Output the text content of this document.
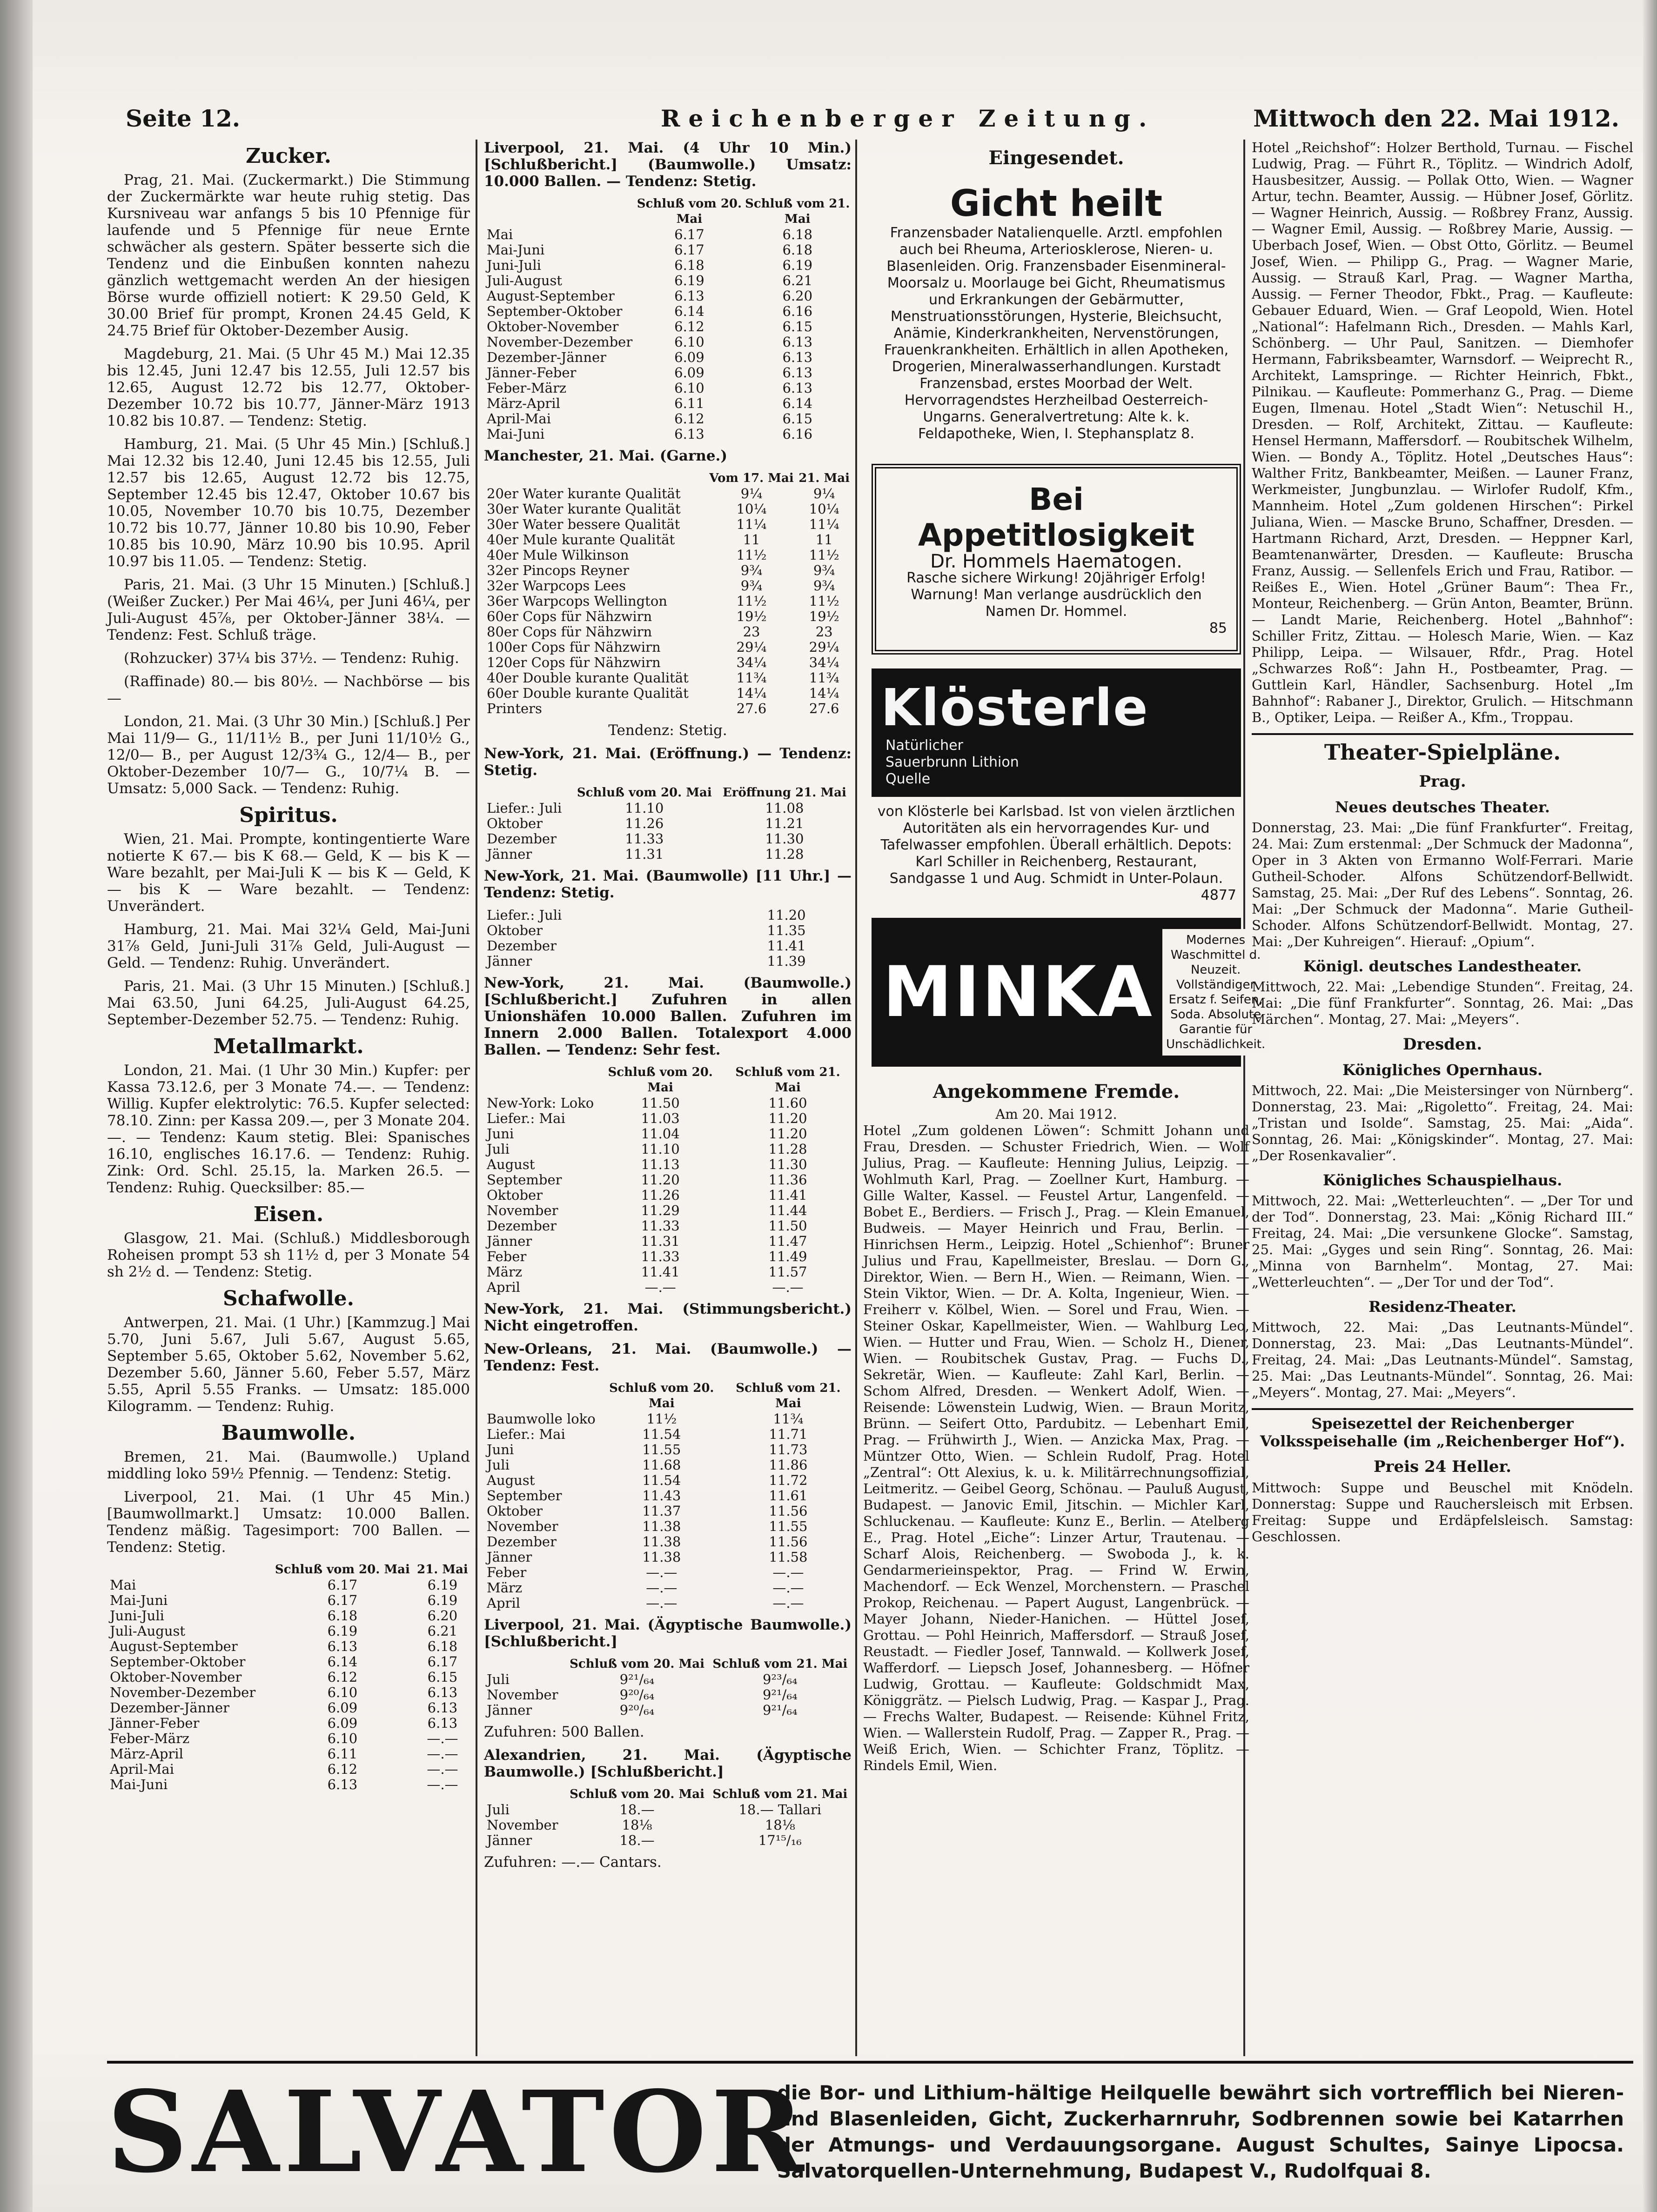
Seite 12.	Reichenberger Zeitung.	Mittwoch den 22. Mai 1912.
Zucker.

Prag, 21. Mai. (Zuckermarkt.) Die Stimmung der Zuckermärkte war heute ruhig stetig. Das Kursniveau war anfangs 5 bis 10 Pfennige für laufende und 5 Pfennige für neue Ernte schwächer als gestern. Später besserte sich die Tendenz und die Einbußen konnten nahezu gänzlich wettgemacht werden An der hiesigen Börse wurde offiziell notiert: K 29.50 Geld, K 30.00 Brief für prompt, Kronen 24.45 Geld, K 24.75 Brief für Oktober-Dezember Ausig.

Magdeburg, 21. Mai. (5 Uhr 45 M.) Mai 12.35 bis 12.45, Juni 12.47 bis 12.55, Juli 12.57 bis 12.65, August 12.72 bis 12.77, Oktober-Dezember 10.72 bis 10.77, Jänner-März 1913 10.82 bis 10.87. — Tendenz: Stetig.

Hamburg, 21. Mai. (5 Uhr 45 Min.) [Schluß.] Mai 12.32 bis 12.40, Juni 12.45 bis 12.55, Juli 12.57 bis 12.65, August 12.72 bis 12.75, September 12.45 bis 12.47, Oktober 10.67 bis 10.05, November 10.70 bis 10.75, Dezember 10.72 bis 10.77, Jänner 10.80 bis 10.90, Feber 10.85 bis 10.90, März 10.90 bis 10.95. April 10.97 bis 11.05. — Tendenz: Stetig.

Paris, 21. Mai. (3 Uhr 15 Minuten.) [Schluß.] (Weißer Zucker.) Per Mai 46¼, per Juni 46¼, per Juli-August 45⅞, per Oktober-Jänner 38¼. — Tendenz: Fest. Schluß träge.

(Rohzucker) 37¼ bis 37½. — Tendenz: Ruhig.

(Raffinade) 80.— bis 80½. — Nachbörse — bis —

London, 21. Mai. (3 Uhr 30 Min.) [Schluß.] Per Mai 11/9— G., 11/11½ B., per Juni 11/10½ G., 12/0— B., per August 12/3¾ G., 12/4— B., per Oktober-Dezember 10/7— G., 10/7¼ B. — Umsatz: 5,000 Sack. — Tendenz: Ruhig.

Spiritus.

Wien, 21. Mai. Prompte, kontingentierte Ware notierte K 67.— bis K 68.— Geld, K — bis K — Ware bezahlt, per Mai-Juli K — bis K — Geld, K — bis K — Ware bezahlt. — Tendenz: Unverändert.

Hamburg, 21. Mai. Mai 32¼ Geld, Mai-Juni 31⅞ Geld, Juni-Juli 31⅞ Geld, Juli-August — Geld. — Tendenz: Ruhig. Unverändert.

Paris, 21. Mai. (3 Uhr 15 Minuten.) [Schluß.] Mai 63.50, Juni 64.25, Juli-August 64.25, September-Dezember 52.75. — Tendenz: Ruhig.

Metallmarkt.

London, 21. Mai. (1 Uhr 30 Min.) Kupfer: per Kassa 73.12.6, per 3 Monate 74.—. — Tendenz: Willig. Kupfer elektrolytic: 76.5. Kupfer selected: 78.10. Zinn: per Kassa 209.—, per 3 Monate 204.—. — Tendenz: Kaum stetig. Blei: Spanisches 16.10, englisches 16.17.6. — Tendenz: Ruhig. Zink: Ord. Schl. 25.15, la. Marken 26.5. — Tendenz: Ruhig. Quecksilber: 85.—

Eisen.

Glasgow, 21. Mai. (Schluß.) Middlesborough Roheisen prompt 53 sh 11½ d, per 3 Monate 54 sh 2½ d. — Tendenz: Stetig.

Schafwolle.

Antwerpen, 21. Mai. (1 Uhr.) [Kammzug.] Mai 5.70, Juni 5.67, Juli 5.67, August 5.65, September 5.65, Oktober 5.62, November 5.62, Dezember 5.60, Jänner 5.60, Feber 5.57, März 5.55, April 5.55 Franks. — Umsatz: 185.000 Kilogramm. — Tendenz: Ruhig.

Baumwolle.

Bremen, 21. Mai. (Baumwolle.) Upland middling loko 59½ Pfennig. — Tendenz: Stetig.

Liverpool, 21. Mai. (1 Uhr 45 Min.) [Baumwollmarkt.] Umsatz: 10.000 Ballen. Tendenz mäßig. Tagesimport: 700 Ballen. — Tendenz: Stetig.

	Schluß vom 20. Mai	21. Mai
Mai	6.17	6.19
Mai-Juni	6.17	6.19
Juni-Juli	6.18	6.20
Juli-August	6.19	6.21
August-September	6.13	6.18
September-Oktober	6.14	6.17
Oktober-November	6.12	6.15
November-Dezember	6.10	6.13
Dezember-Jänner	6.09	6.13
Jänner-Feber	6.09	6.13
Feber-März	6.10	—.—
März-April	6.11	—.—
April-Mai	6.12	—.—
Mai-Juni	6.13	—.—
Liverpool, 21. Mai. (4 Uhr 10 Min.) [Schlußbericht.] (Baumwolle.) Umsatz: 10.000 Ballen. — Tendenz: Stetig.
	Schluß vom 20. Mai	Schluß vom 21. Mai
Mai	6.17	6.18
Mai-Juni	6.17	6.18
Juni-Juli	6.18	6.19
Juli-August	6.19	6.21
August-September	6.13	6.20
September-Oktober	6.14	6.16
Oktober-November	6.12	6.15
November-Dezember	6.10	6.13
Dezember-Jänner	6.09	6.13
Jänner-Feber	6.09	6.13
Feber-März	6.10	6.13
März-April	6.11	6.14
April-Mai	6.12	6.15
Mai-Juni	6.13	6.16
Manchester, 21. Mai. (Garne.)
	Vom 17. Mai	21. Mai
20er Water kurante Qualität	9¼	9¼
30er Water kurante Qualität	10¼	10¼
30er Water bessere Qualität	11¼	11¼
40er Mule kurante Qualität	11	11
40er Mule Wilkinson	11½	11½
32er Pincops Reyner	9¾	9¾
32er Warpcops Lees	9¾	9¾
36er Warpcops Wellington	11½	11½
60er Cops für Nähzwirn	19½	19½
80er Cops für Nähzwirn	23	23
100er Cops für Nähzwirn	29¼	29¼
120er Cops für Nähzwirn	34¼	34¼
40er Double kurante Qualität	11¾	11¾
60er Double kurante Qualität	14¼	14¼
Printers	27.6	27.6
Tendenz: Stetig.
New-York, 21. Mai. (Eröffnung.) — Tendenz: Stetig.
	Schluß vom 20. Mai	Eröffnung 21. Mai
Liefer.: Juli	11.10	11.08
Oktober	11.26	11.21
Dezember	11.33	11.30
Jänner	11.31	11.28
New-York, 21. Mai. (Baumwolle) [11 Uhr.] — Tendenz: Stetig.
Liefer.: Juli	11.20
Oktober	11.35
Dezember	11.41
Jänner	11.39
New-York, 21. Mai. (Baumwolle.) [Schlußbericht.] Zufuhren in allen Unionshäfen 10.000 Ballen. Zufuhren im Innern 2.000 Ballen. Totalexport 4.000 Ballen. — Tendenz: Sehr fest.
	Schluß vom 20. Mai	Schluß vom 21. Mai
New-York: Loko	11.50	11.60
Liefer.: Mai	11.03	11.20
Juni	11.04	11.20
Juli	11.10	11.28
August	11.13	11.30
September	11.20	11.36
Oktober	11.26	11.41
November	11.29	11.44
Dezember	11.33	11.50
Jänner	11.31	11.47
Feber	11.33	11.49
März	11.41	11.57
April	—.—	—.—
New-York, 21. Mai. (Stimmungsbericht.) Nicht eingetroffen.
New-Orleans, 21. Mai. (Baumwolle.) — Tendenz: Fest.
	Schluß vom 20. Mai	Schluß vom 21. Mai
Baumwolle loko	11½	11¾
Liefer.: Mai	11.54	11.71
Juni	11.55	11.73
Juli	11.68	11.86
August	11.54	11.72
September	11.43	11.61
Oktober	11.37	11.56
November	11.38	11.55
Dezember	11.38	11.56
Jänner	11.38	11.58
Feber	—.—	—.—
März	—.—	—.—
April	—.—	—.—
Liverpool, 21. Mai. (Ägyptische Baumwolle.) [Schlußbericht.]
	Schluß vom 20. Mai	Schluß vom 21. Mai
Juli	9²¹/₆₄	9²³/₆₄
November	9²⁰/₆₄	9²¹/₆₄
Jänner	9²⁰/₆₄	9²¹/₆₄
Zufuhren: 500 Ballen.
Alexandrien, 21. Mai. (Ägyptische Baumwolle.) [Schlußbericht.]
	Schluß vom 20. Mai	Schluß vom 21. Mai
Juli	18.—	18.— Tallari
November	18⅛	18⅛
Jänner	18.—	17¹⁵/₁₆
Zufuhren: —.— Cantars.
Eingesendet.
Gicht heilt
Franzensbader Natalienquelle. Arztl. empfohlen auch bei Rheuma, Arteriosklerose, Nieren- u. Blasenleiden. Orig. Franzensbader Eisenmineral-Moorsalz u. Moorlauge bei Gicht, Rheumatismus und Erkrankungen der Gebärmutter, Menstruationsstörungen, Hysterie, Bleichsucht, Anämie, Kinderkrankheiten, Nervenstörungen, Frauenkrankheiten. Erhältlich in allen Apotheken, Drogerien, Mineralwasserhandlungen. Kurstadt Franzensbad, erstes Moorbad der Welt. Hervorragendstes Herzheilbad Oesterreich-Ungarns. Generalvertretung: Alte k. k. Feldapotheke, Wien, I. Stephansplatz 8.
Bei Appetitlosigkeit
Dr. Hommels Haematogen.
Rasche sichere Wirkung! 20jähriger Erfolg! Warnung! Man verlange ausdrücklich den Namen Dr. Hommel.
85
Klösterle Natürlicher Sauerbrunn Lithion Quelle
von Klösterle bei Karlsbad. Ist von vielen ärztlichen Autoritäten als ein hervorragendes Kur- und Tafelwasser empfohlen. Überall erhältlich. Depots: Karl Schiller in Reichenberg, Restaurant, Sandgasse 1 und Aug. Schmidt in Unter-Polaun.
4877
MINKA
Modernes Waschmittel d. Neuzeit. Vollständiger Ersatz f. Seifen, Soda. Absolute Garantie für Unschädlichkeit.
Angekommene Fremde.
Am 20. Mai 1912.
Hotel „Zum goldenen Löwen“: Schmitt Johann und Frau, Dresden. — Schuster Friedrich, Wien. — Wolf Julius, Prag. — Kaufleute: Henning Julius, Leipzig. — Wohlmuth Karl, Prag. — Zoellner Kurt, Hamburg. — Gille Walter, Kassel. — Feustel Artur, Langenfeld. — Bobet E., Berdiers. — Frisch J., Prag. — Klein Emanuel, Budweis. — Mayer Heinrich und Frau, Berlin. — Hinrichsen Herm., Leipzig. Hotel „Schienhof“: Bruner Julius und Frau, Kapellmeister, Breslau. — Dorn G., Direktor, Wien. — Bern H., Wien. — Reimann, Wien. — Stein Viktor, Wien. — Dr. A. Kolta, Ingenieur, Wien. — Freiherr v. Kölbel, Wien. — Sorel und Frau, Wien. — Steiner Oskar, Kapellmeister, Wien. — Wahlburg Leo, Wien. — Hutter und Frau, Wien. — Scholz H., Diener, Wien. — Roubitschek Gustav, Prag. — Fuchs D., Sekretär, Wien. — Kaufleute: Zahl Karl, Berlin. — Schom Alfred, Dresden. — Wenkert Adolf, Wien. — Reisende: Löwenstein Ludwig, Wien. — Braun Moritz, Brünn. — Seifert Otto, Pardubitz. — Lebenhart Emil, Prag. — Frühwirth J., Wien. — Anzicka Max, Prag. — Müntzer Otto, Wien. — Schlein Rudolf, Prag. Hotel „Zentral“: Ott Alexius, k. u. k. Militärrechnungsoffizial, Leitmeritz. — Geibel Georg, Schönau. — Pauluß August, Budapest. — Janovic Emil, Jitschin. — Michler Karl, Schluckenau. — Kaufleute: Kunz E., Berlin. — Atelberg E., Prag. Hotel „Eiche“: Linzer Artur, Trautenau. — Scharf Alois, Reichenberg. — Swoboda J., k. k. Gendarmerieinspektor, Prag. — Frind W. Erwin, Machendorf. — Eck Wenzel, Morchenstern. — Praschel Prokop, Reichenau. — Papert August, Langenbrück. — Mayer Johann, Nieder-Hanichen. — Hüttel Josef, Grottau. — Pohl Heinrich, Maffersdorf. — Strauß Josef, Reustadt. — Fiedler Josef, Tannwald. — Kollwerk Josef, Wafferdorf. — Liepsch Josef, Johannesberg. — Höfner Ludwig, Grottau. — Kaufleute: Goldschmidt Max, Königgrätz. — Pielsch Ludwig, Prag. — Kaspar J., Prag. — Frechs Walter, Budapest. — Reisende: Kühnel Fritz, Wien. — Wallerstein Rudolf, Prag. — Zapper R., Prag. — Weiß Erich, Wien. — Schichter Franz, Töplitz. — Rindels Emil, Wien.
Hotel „Reichshof“: Holzer Berthold, Turnau. — Fischel Ludwig, Prag. — Führt R., Töplitz. — Windrich Adolf, Hausbesitzer, Aussig. — Pollak Otto, Wien. — Wagner Artur, techn. Beamter, Aussig. — Hübner Josef, Görlitz. — Wagner Heinrich, Aussig. — Roßbrey Franz, Aussig. — Wagner Emil, Aussig. — Roßbrey Marie, Aussig. — Uberbach Josef, Wien. — Obst Otto, Görlitz. — Beumel Josef, Wien. — Philipp G., Prag. — Wagner Marie, Aussig. — Strauß Karl, Prag. — Wagner Martha, Aussig. — Ferner Theodor, Fbkt., Prag. — Kaufleute: Gebauer Eduard, Wien. — Graf Leopold, Wien. Hotel „National“: Hafelmann Rich., Dresden. — Mahls Karl, Schönberg. — Uhr Paul, Sanitzen. — Diemhofer Hermann, Fabriksbeamter, Warnsdorf. — Weiprecht R., Architekt, Lamspringe. — Richter Heinrich, Fbkt., Pilnikau. — Kaufleute: Pommerhanz G., Prag. — Dieme Eugen, Ilmenau. Hotel „Stadt Wien“: Netuschil H., Dresden. — Rolf, Architekt, Zittau. — Kaufleute: Hensel Hermann, Maffersdorf. — Roubitschek Wilhelm, Wien. — Bondy A., Töplitz. Hotel „Deutsches Haus“: Walther Fritz, Bankbeamter, Meißen. — Launer Franz, Werkmeister, Jungbunzlau. — Wirlofer Rudolf, Kfm., Mannheim. Hotel „Zum goldenen Hirschen“: Pirkel Juliana, Wien. — Mascke Bruno, Schaffner, Dresden. — Hartmann Richard, Arzt, Dresden. — Heppner Karl, Beamtenanwärter, Dresden. — Kaufleute: Bruscha Franz, Aussig. — Sellenfels Erich und Frau, Ratibor. — Reißes E., Wien. Hotel „Grüner Baum“: Thea Fr., Monteur, Reichenberg. — Grün Anton, Beamter, Brünn. — Landt Marie, Reichenberg. Hotel „Bahnhof“: Schiller Fritz, Zittau. — Holesch Marie, Wien. — Kaz Philipp, Leipa. — Wilsauer, Rfdr., Prag. Hotel „Schwarzes Roß“: Jahn H., Postbeamter, Prag. — Guttlein Karl, Händler, Sachsenburg. Hotel „Im Bahnhof“: Rabaner J., Direktor, Grulich. — Hitschmann B., Optiker, Leipa. — Reißer A., Kfm., Troppau.
Theater-Spielpläne.
Prag.
Neues deutsches Theater.
Donnerstag, 23. Mai: „Die fünf Frankfurter“. Freitag, 24. Mai: Zum erstenmal: „Der Schmuck der Madonna“, Oper in 3 Akten von Ermanno Wolf-Ferrari. Marie Gutheil-Schoder. Alfons Schützendorf-Bellwidt. Samstag, 25. Mai: „Der Ruf des Lebens“. Sonntag, 26. Mai: „Der Schmuck der Madonna“. Marie Gutheil-Schoder. Alfons Schützendorf-Bellwidt. Montag, 27. Mai: „Der Kuhreigen“. Hierauf: „Opium“.
Königl. deutsches Landestheater.
Mittwoch, 22. Mai: „Lebendige Stunden“. Freitag, 24. Mai: „Die fünf Frankfurter“. Sonntag, 26. Mai: „Das Märchen“. Montag, 27. Mai: „Meyers“.
Dresden.
Königliches Opernhaus.
Mittwoch, 22. Mai: „Die Meistersinger von Nürnberg“. Donnerstag, 23. Mai: „Rigoletto“. Freitag, 24. Mai: „Tristan und Isolde“. Samstag, 25. Mai: „Aida“. Sonntag, 26. Mai: „Königskinder“. Montag, 27. Mai: „Der Rosenkavalier“.
Königliches Schauspielhaus.
Mittwoch, 22. Mai: „Wetterleuchten“. — „Der Tor und der Tod“. Donnerstag, 23. Mai: „König Richard III.“ Freitag, 24. Mai: „Die versunkene Glocke“. Samstag, 25. Mai: „Gyges und sein Ring“. Sonntag, 26. Mai: „Minna von Barnhelm“. Montag, 27. Mai: „Wetterleuchten“. — „Der Tor und der Tod“.
Residenz-Theater.
Mittwoch, 22. Mai: „Das Leutnants-Mündel“. Donnerstag, 23. Mai: „Das Leutnants-Mündel“. Freitag, 24. Mai: „Das Leutnants-Mündel“. Samstag, 25. Mai: „Das Leutnants-Mündel“. Sonntag, 26. Mai: „Meyers“. Montag, 27. Mai: „Meyers“.
Speisezettel der Reichenberger Volksspeisehalle (im „Reichenberger Hof“).
Preis 24 Heller.
Mittwoch: Suppe und Beuschel mit Knödeln. Donnerstag: Suppe und Rauchersleisch mit Erbsen. Freitag: Suppe und Erdäpfelsleisch. Samstag: Geschlossen.
SALVATOR
die Bor- und Lithium-hältige Heilquelle bewährt sich vortrefflich bei Nieren- und Blasenleiden, Gicht, Zuckerharnruhr, Sodbrennen sowie bei Katarrhen der Atmungs- und Verdauungsorgane. August Schultes, Sainye Lipocsa. Salvatorquellen-Unternehmung, Budapest V., Rudolfquai 8.
